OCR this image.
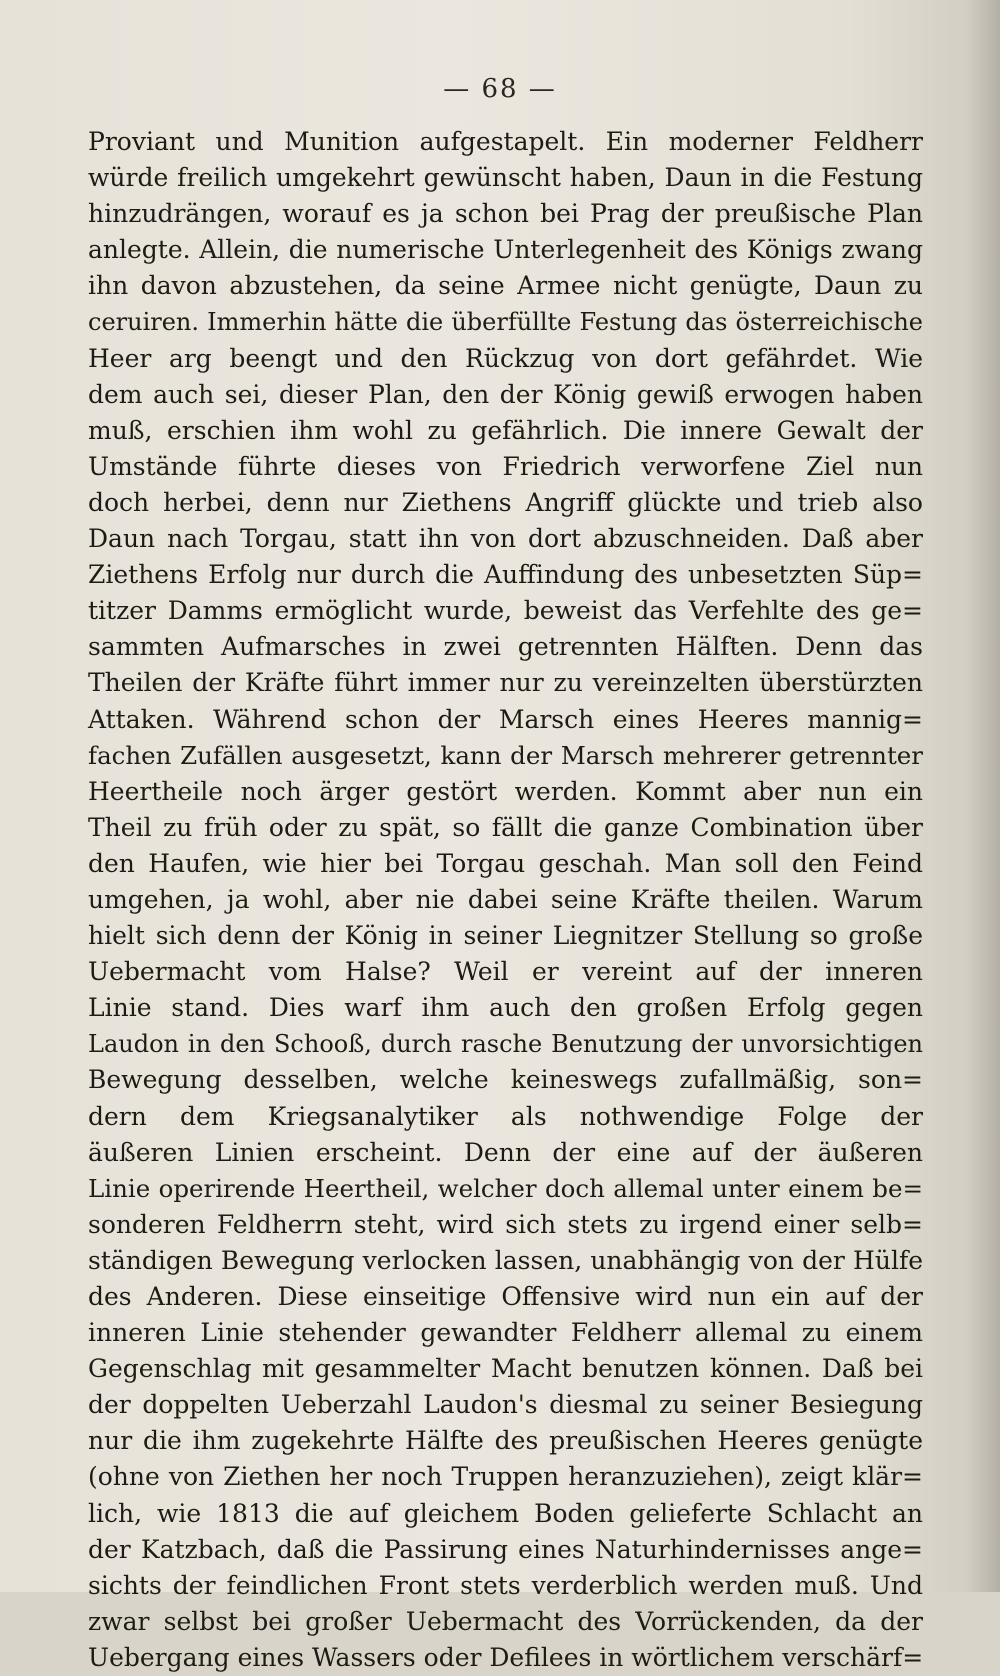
— 68 —
Proviant und Munition aufgestapelt. Ein moderner Feldherr
würde freilich umgekehrt gewünscht haben, Daun in die Festung
hinzudrängen, worauf es ja schon bei Prag der preußische Plan
anlegte. Allein, die numerische Unterlegenheit des Königs zwang
ihn davon abzustehen, da seine Armee nicht genügte, Daun zu
ceruiren. Immerhin hätte die überfüllte Festung das österreichische
Heer arg beengt und den Rückzug von dort gefährdet. Wie
dem auch sei, dieser Plan, den der König gewiß erwogen haben
muß, erschien ihm wohl zu gefährlich. Die innere Gewalt der
Umstände führte dieses von Friedrich verworfene Ziel nun
doch herbei, denn nur Ziethens Angriff glückte und trieb also
Daun nach Torgau, statt ihn von dort abzuschneiden. Daß aber
Ziethens Erfolg nur durch die Auffindung des unbesetzten Süp=
titzer Damms ermöglicht wurde, beweist das Verfehlte des ge=
sammten Aufmarsches in zwei getrennten Hälften. Denn das
Theilen der Kräfte führt immer nur zu vereinzelten überstürzten
Attaken. Während schon der Marsch eines Heeres mannig=
fachen Zufällen ausgesetzt, kann der Marsch mehrerer getrennter
Heertheile noch ärger gestört werden. Kommt aber nun ein
Theil zu früh oder zu spät, so fällt die ganze Combination über
den Haufen, wie hier bei Torgau geschah. Man soll den Feind
umgehen, ja wohl, aber nie dabei seine Kräfte theilen. Warum
hielt sich denn der König in seiner Liegnitzer Stellung so große
Uebermacht vom Halse? Weil er vereint auf der inneren
Linie stand. Dies warf ihm auch den großen Erfolg gegen
Laudon in den Schooß, durch rasche Benutzung der unvorsichtigen
Bewegung desselben, welche keineswegs zufallmäßig, son=
dern dem Kriegsanalytiker als nothwendige Folge der
äußeren Linien erscheint. Denn der eine auf der äußeren
Linie operirende Heertheil, welcher doch allemal unter einem be=
sonderen Feldherrn steht, wird sich stets zu irgend einer selb=
ständigen Bewegung verlocken lassen, unabhängig von der Hülfe
des Anderen. Diese einseitige Offensive wird nun ein auf der
inneren Linie stehender gewandter Feldherr allemal zu einem
Gegenschlag mit gesammelter Macht benutzen können. Daß bei
der doppelten Ueberzahl Laudon's diesmal zu seiner Besiegung
nur die ihm zugekehrte Hälfte des preußischen Heeres genügte
(ohne von Ziethen her noch Truppen heranzuziehen), zeigt klär=
lich, wie 1813 die auf gleichem Boden gelieferte Schlacht an
der Katzbach, daß die Passirung eines Naturhindernisses ange=
sichts der feindlichen Front stets verderblich werden muß. Und
zwar selbst bei großer Uebermacht des Vorrückenden, da der
Uebergang eines Wassers oder Defilees in wörtlichem verschärf=
